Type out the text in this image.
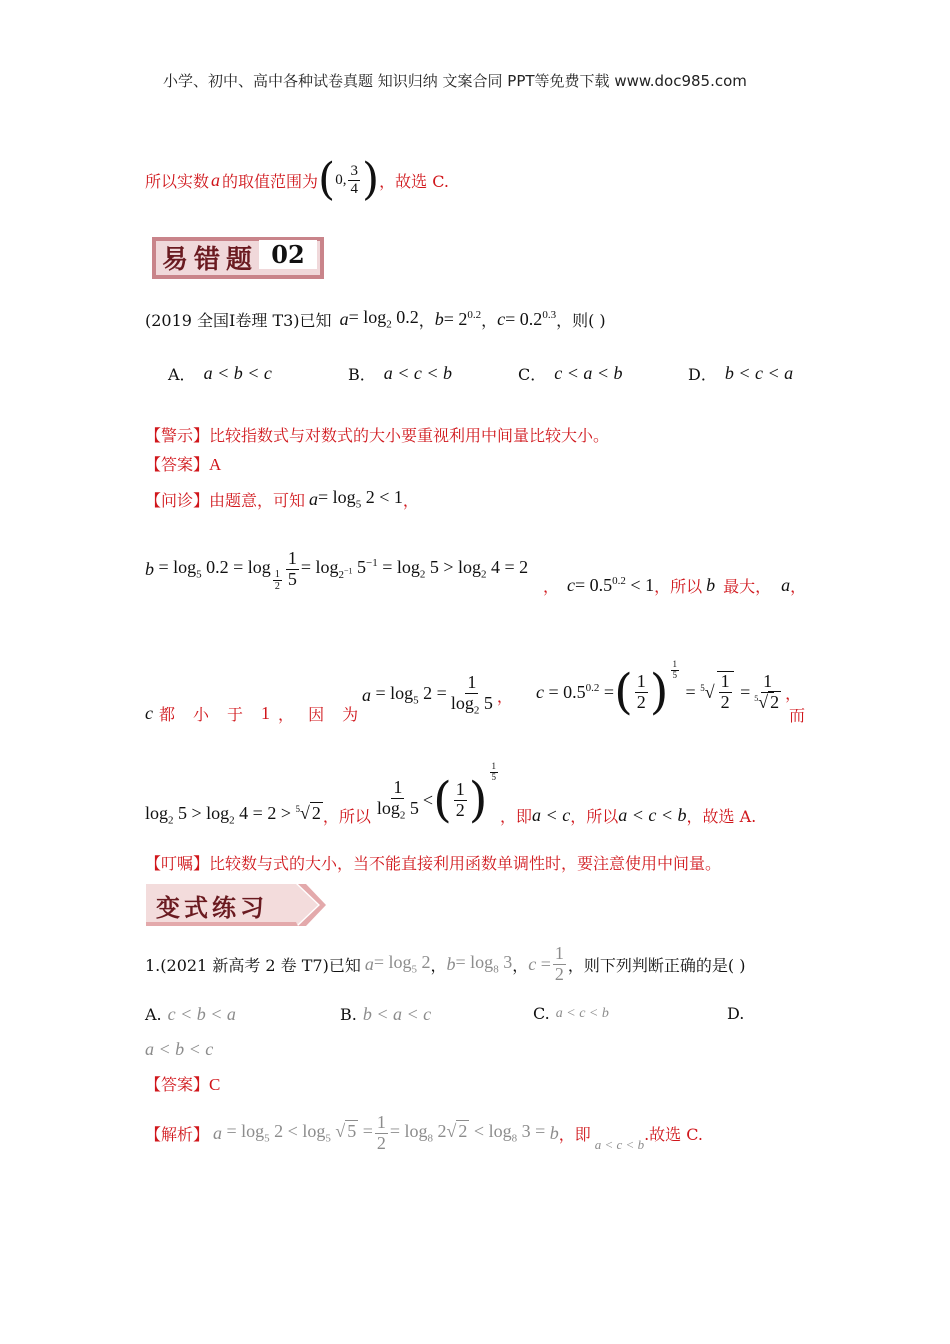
小学、初中、高中各种试卷真题 知识归纳 文案合同 PPT等免费下载 www.doc985.com
所以实数 a 的取值范围为 ( 0, $\frac{3}{4}$ ) ，故选 C.
易错题 02
(2019 全国Ⅰ卷理 T3)已知 $a = \log_2 0.2$ ， $b = 2^{0.2}$ ， $c = 0.2^{0.3}$ ，则( )
A． a < b < c	B． a < c < b	C． c < a < b	D． b < c < a
【警示】比较指数式与对数式的大小要重视利用中间量比较大小。
【答案】A
【问诊】 由题意，可知 $a = \log_5 2 < 1$ ，
$b = \log_5 0.2 = \log$
$\frac{1}{2} \frac{1}{5} = \log_{2^{-1}} 5^{-1} = \log_2 5 > \log_2 4 = 2$
， $c = 0.5^{0.2} < 1$ ，所以 b 最大， a ，
c 都 小 于 1 ， 因 为
$a = \log_5 2 = \frac{1}{\log_2 5}$ ， $c = 0.5^{0.2}$ = ( $\frac{1}{2}$ ) $\frac{1}{5}$
= $^5√ \frac{1}{2} = \frac{1}{^5√ 2}$ ，
而
$\log_2 5 > \log_2 4 = 2 > ^5√$ 2 ，所以 $\frac{1}{\log_2 5}$ < ( $\frac{1}{2}$ ) $\frac{1}{5}$
，即 a < c ，所以 a < c < b ，故选 A.
【叮嘱】比较数与式的大小，当不能直接利用函数单调性时，要注意使用中间量。
变式练习
1.(2021 新高考 2 卷 T7)已知 $a = \log_5 2$ ， $b = \log_8 3$ ， $c = \frac{1}{2}$ ，则下列判断正确的是( )
A. c < b < a	B. b < a < c	C. a < c < b	D.
a < b < c
【答案】C
【解析】 $a = \log_5 2 < \log_5$ √ $5 = \frac{1}{2} = \log_8 2√$ $2 < \log_8 3 = b$ ，即
a < c < b
.故选 C.
